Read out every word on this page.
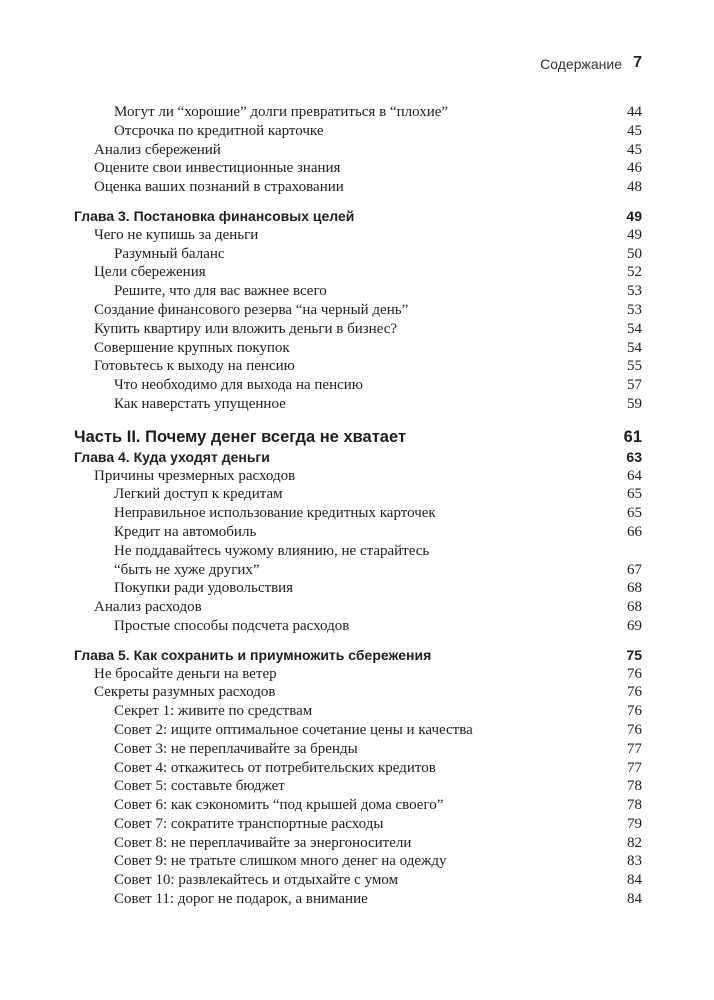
Содержание 7
Могут ли “хорошие” долги превратиться в “плохие”	44
Отсрочка по кредитной карточке	45
Анализ сбережений	45
Оцените свои инвестиционные знания	46
Оценка ваших познаний в страховании	48
Глава 3. Постановка финансовых целей	49
Чего не купишь за деньги	49
Разумный баланс	50
Цели сбережения	52
Решите, что для вас важнее всего	53
Создание финансового резерва “на черный день”	53
Купить квартиру или вложить деньги в бизнес?	54
Совершение крупных покупок	54
Готовьтесь к выходу на пенсию	55
Что необходимо для выхода на пенсию	57
Как наверстать упущенное	59
Часть II. Почему денег всегда не хватает	61
Глава 4. Куда уходят деньги	63
Причины чрезмерных расходов	64
Легкий доступ к кредитам	65
Неправильное использование кредитных карточек	65
Кредит на автомобиль	66
Не поддавайтесь чужому влиянию, не старайтесь
“быть не хуже других”	67
Покупки ради удовольствия	68
Анализ расходов	68
Простые способы подсчета расходов	69
Глава 5. Как сохранить и приумножить сбережения	75
Не бросайте деньги на ветер	76
Секреты разумных расходов	76
Секрет 1: живите по средствам	76
Совет 2: ищите оптимальное сочетание цены и качества	76
Совет 3: не переплачивайте за бренды	77
Совет 4: откажитесь от потребительских кредитов	77
Совет 5: составьте бюджет	78
Совет 6: как сэкономить “под крышей дома своего”	78
Совет 7: сократите транспортные расходы	79
Совет 8: не переплачивайте за энергоносители	82
Совет 9: не тратьте слишком много денег на одежду	83
Совет 10: развлекайтесь и отдыхайте с умом	84
Совет 11: дорог не подарок, а внимание	84
